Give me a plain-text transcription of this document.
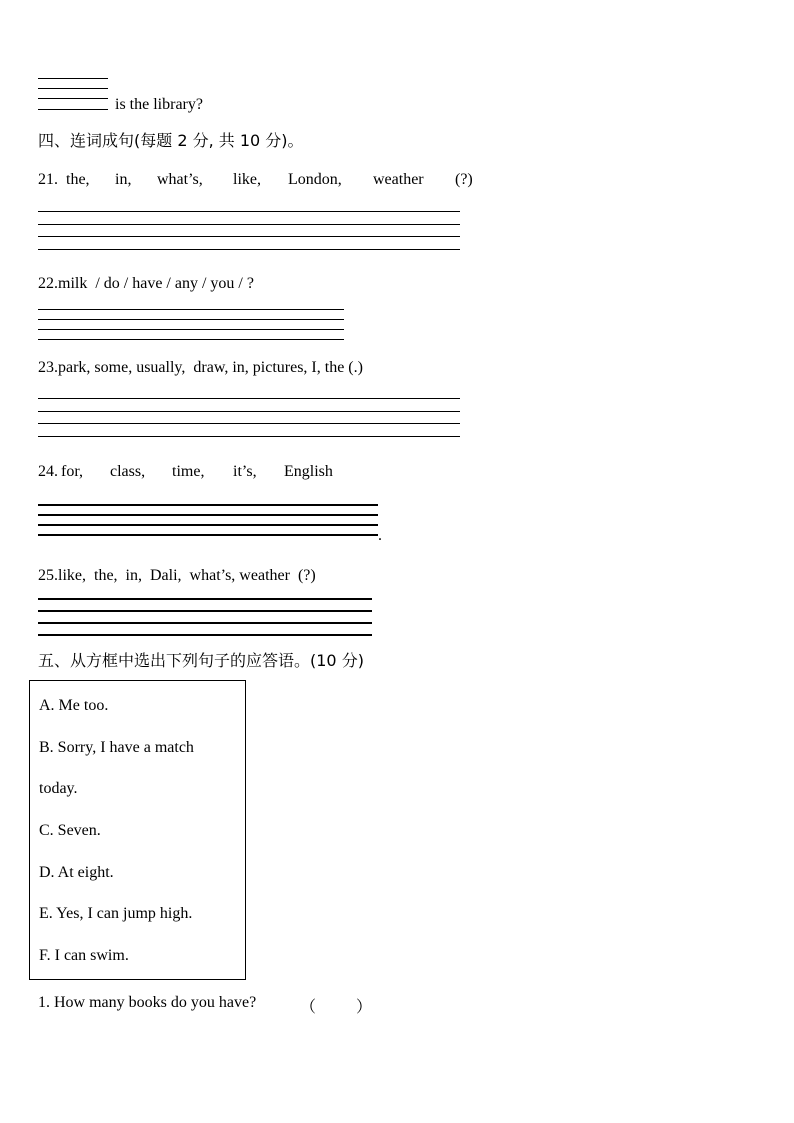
is the library?
四、连词成句(每题 2 分, 共 10 分)。
21. the, in, what’s, like, London, weather (?)
22.milk  / do / have / any / you / ?
23.park, some, usually,  draw, in, pictures, I, the (.)
24. for, class, time, it’s, English
.
25.like,  the,  in,  Dali,  what’s, weather  (?)
五、从方框中选出下列句子的应答语。(10 分)
A. Me too.
B. Sorry, I have a match
today.
C. Seven.
D. At eight.
E. Yes, I can jump high.
F. I can swim.
1. How many books do you have?	（          ）
